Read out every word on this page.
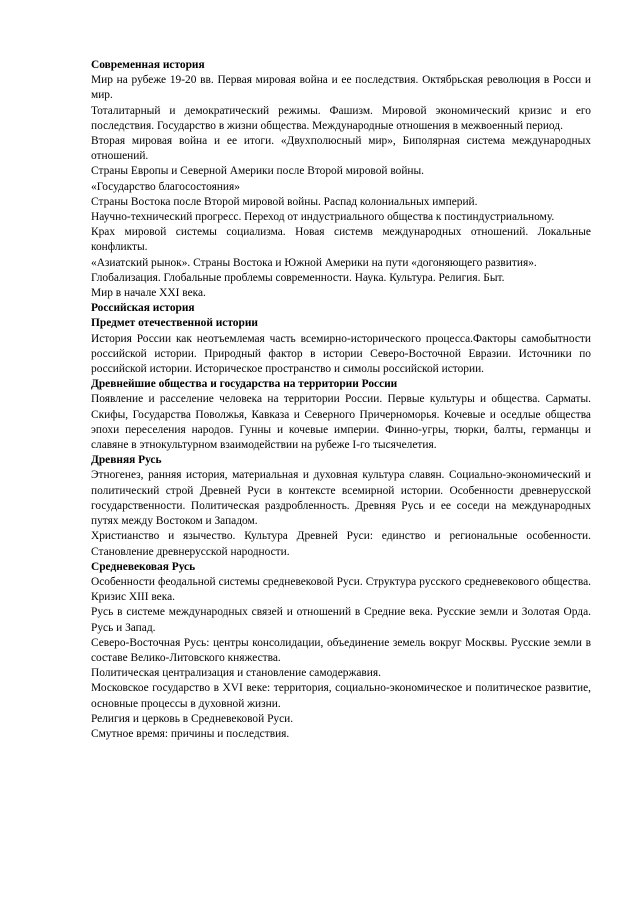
Современная история

Мир на рубеже 19-20 вв. Первая мировая война и ее последствия. Октябрьская революция в Росси и мир.

Тоталитарный и демократический режимы. Фашизм. Мировой экономический кризис и его последствия. Государство в жизни общества. Международные отношения в межвоенный период.

Вторая мировая война и ее итоги. «Двухполюсный мир», Биполярная система международных отношений.

Страны Европы и Северной Америки после Второй мировой войны.

«Государство благосостояния»

Страны Востока после Второй мировой войны. Распад колониальных империй.

Научно-технический прогресс. Переход от индустриального общества к постиндустриальному.

Крах мировой системы социализма. Новая системв международных отношений. Локальные конфликты.

«Азиатский рынок». Страны Востока и Южной Америки на пути «догоняющего развития».

Глобализация. Глобальные проблемы современности. Наука. Культура. Религия. Быт.

Мир в начале XXI века.

Российская история

Предмет отечественной истории

История России как неотъемлемая часть всемирно-исторического процесса.Факторы самобытности российской истории. Природный фактор в истории Северо-Восточной Евразии. Источники по российской истории. Историческое пространство и симолы российской истории.

Древнейшие общества и государства на территории России

Появление и расселение человека на территории России. Первые культуры и общества. Сарматы. Скифы, Государства Поволжья, Кавказа и Северного Причерноморья. Кочевые и оседлые общества эпохи переселения народов. Гунны и кочевые империи. Финно-угры, тюрки, балты, германцы и славяне в этнокультурном взаимодействии на рубеже I-го тысячелетия.

Древняя Русь

Этногенез, ранняя история, материальная и духовная культура славян. Социально-экономический и политический строй Древней Руси в контексте всемирной истории. Особенности древнерусской государственности. Политическая раздробленность. Древняя Русь и ее соседи на международных путях между Востоком и Западом.

Христианство и язычество. Культура Древней Руси: единство и региональные особенности. Становление древнерусской народности.

Средневековая Русь

Особенности феодальной системы средневековой Руси. Структура русского средневекового общества. Кризис XIII века.

Русь в системе международных связей и отношений в Средние века. Русские земли и Золотая Орда. Русь и Запад.

Северо-Восточная Русь: центры консолидации, объединение земель вокруг Москвы. Русские земли в составе Велико-Литовского княжества.

Политическая централизация и становление самодержавия.

Московское государство в XVI веке: территория, социально-экономическое и политическое развитие, основные процессы в духовной жизни.

Религия и церковь в Средневековой Руси.

Смутное время: причины и последствия.
